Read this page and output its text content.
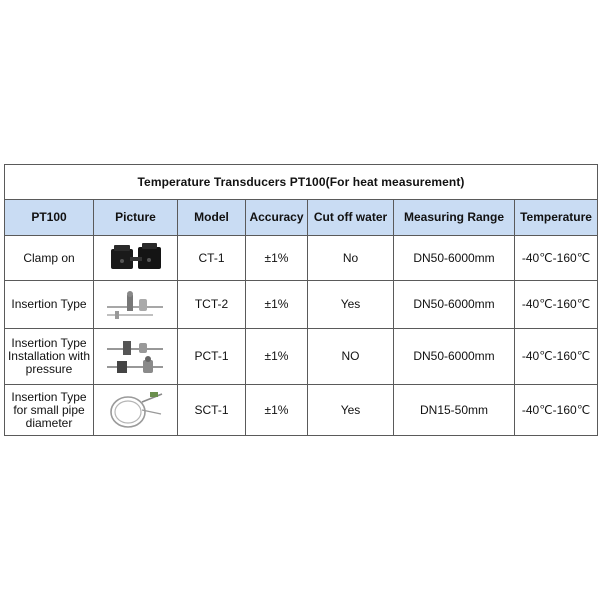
Temperature Transducers PT100(For heat measurement)						
PT100	Picture	Model	Accuracy	Cut off water	Measuring Range	Temperature
Clamp on		CT-1	±1%	No	DN50-6000mm	-40℃-160℃
Insertion Type		TCT-2	±1%	Yes	DN50-6000mm	-40℃-160℃
Insertion Type Installation with pressure		PCT-1	±1%	NO	DN50-6000mm	-40℃-160℃
Insertion Type for small pipe diameter		SCT-1	±1%	Yes	DN15-50mm	-40℃-160℃
